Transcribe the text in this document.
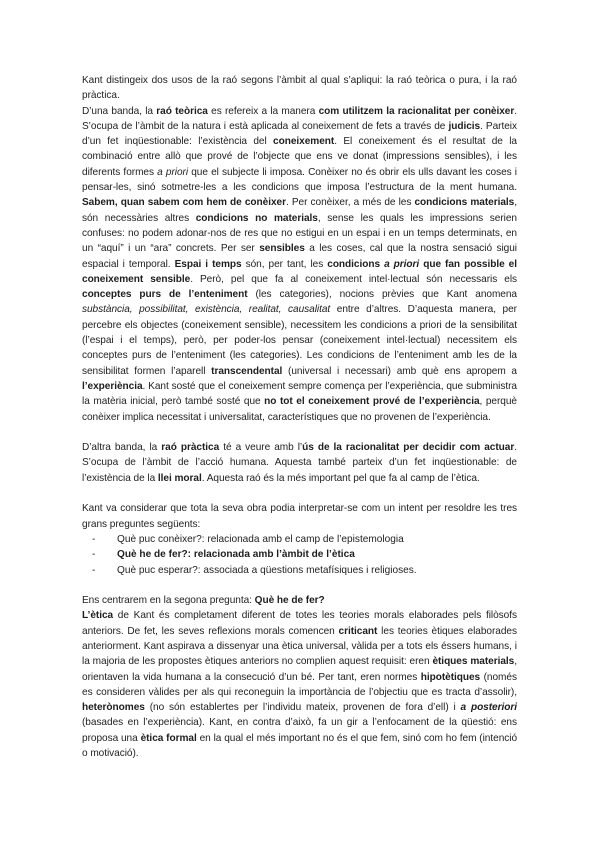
Kant distingeix dos usos de la raó segons l’àmbit al qual s’apliqui: la raó teòrica o pura, i la raó pràctica.

D’una banda, la raó teòrica es refereix a la manera com utilitzem la racionalitat per conèixer. S’ocupa de l’àmbit de la natura i està aplicada al coneixement de fets a través de judicis. Parteix d’un fet inqüestionable: l’existència del coneixement. El coneixement és el resultat de la combinació entre allò que prové de l’objecte que ens ve donat (impressions sensibles), i les diferents formes a priori que el subjecte li imposa. Conèixer no és obrir els ulls davant les coses i pensar-les, sinó sotmetre-les a les condicions que imposa l’estructura de la ment humana. Sabem, quan sabem com hem de conèixer. Per conèixer, a més de les condicions materials, són necessàries altres condicions no materials, sense les quals les impressions serien confuses: no podem adonar-nos de res que no estigui en un espai i en un temps determinats, en un “aquí” i un “ara” concrets. Per ser sensibles a les coses, cal que la nostra sensació sigui espacial i temporal. Espai i temps són, per tant, les condicions a priori que fan possible el coneixement sensible. Però, pel que fa al coneixement intel·lectual són necessaris els conceptes purs de l’enteniment (les categories), nocions prèvies que Kant anomena substància, possibilitat, existència, realitat, causalitat entre d’altres. D’aquesta manera, per percebre els objectes (coneixement sensible), necessitem les condicions a priori de la sensibilitat (l’espai i el temps), però, per poder-los pensar (coneixement intel·lectual) necessitem els conceptes purs de l’enteniment (les categories). Les condicions de l’enteniment amb les de la sensibilitat formen l’aparell transcendental (universal i necessari) amb què ens apropem a l’experiència. Kant sosté que el coneixement sempre comença per l’experiència, que subministra la matèria inicial, però també sosté que no tot el coneixement prové de l’experiència, perquè conèixer implica necessitat i universalitat, característiques que no provenen de l’experiència.

D’altra banda, la raó pràctica té a veure amb l’ús de la racionalitat per decidir com actuar. S’ocupa de l’àmbit de l’acció humana. Aquesta també parteix d’un fet inqüestionable: de l’existència de la llei moral. Aquesta raó és la més important pel que fa al camp de l’ètica.

Kant va considerar que tota la seva obra podia interpretar-se com un intent per resoldre les tres grans preguntes següents:

- Què puc conèixer?: relacionada amb el camp de l’epistemologia
- Què he de fer?: relacionada amb l’àmbit de l’ètica
- Què puc esperar?: associada a qüestions metafísiques i religioses.

Ens centrarem en la segona pregunta: Què he de fer?

L’ètica de Kant és completament diferent de totes les teories morals elaborades pels filòsofs anteriors. De fet, les seves reflexions morals comencen criticant les teories ètiques elaborades anteriorment. Kant aspirava a dissenyar una ètica universal, vàlida per a tots els éssers humans, i la majoria de les propostes ètiques anteriors no complien aquest requisit: eren ètiques materials, orientaven la vida humana a la consecució d’un bé. Per tant, eren normes hipotètiques (només es consideren vàlides per als qui reconeguin la importància de l’objectiu que es tracta d’assolir), heterònomes (no són establertes per l’individu mateix, provenen de fora d’ell) i a posteriori (basades en l’experiència). Kant, en contra d’això, fa un gir a l’enfocament de la qüestió: ens proposa una ètica formal en la qual el més important no és el que fem, sinó com ho fem (intenció o motivació).
